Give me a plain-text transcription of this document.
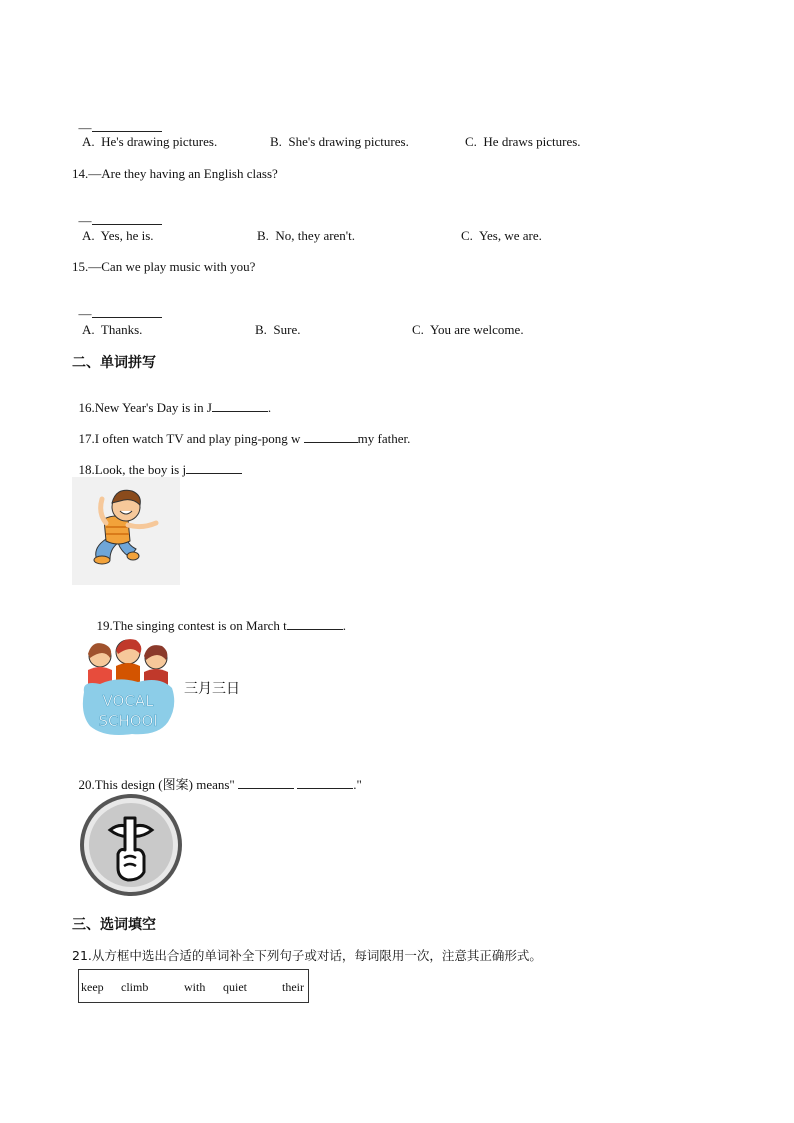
—

A.  He's drawing pictures.	B.  She's drawing pictures.	C.  He draws pictures.
14.—Are they having an English class?

—

A.  Yes, he is.	B.  No, they aren't.	C.  Yes, we are.
15.—Can we play music with you?

—

A.  Thanks.	B.  Sure.	C.  You are welcome.
二、单词拼写

16.New Year's Day is in J	.

17.I often watch TV and play ping-pong w	my father.

18.Look, the boy is j

19.The singing contest is on March t	.

VOCAL
SCHOOl
三月三日

20.This design (图案) means"	."

三、选词填空
21.从方框中选出合适的单词补全下列句子或对话，每词限用一次，注意其正确形式。
keep climb	with quiet	their
